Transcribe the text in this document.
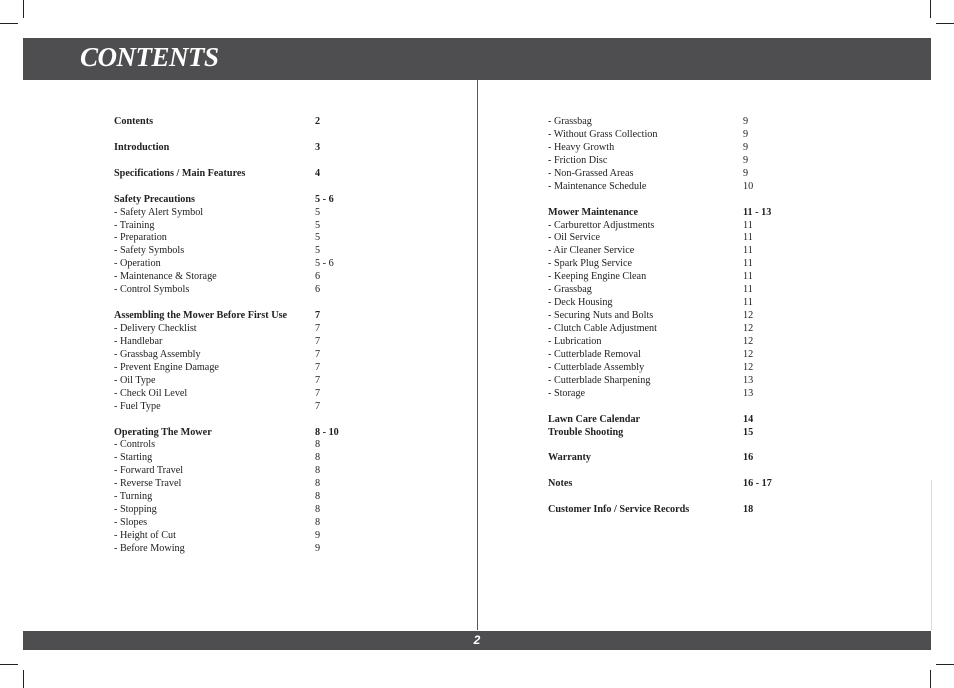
CONTENTS
Contents	2
Introduction	3
Specifications / Main Features	4
Safety Precautions	5 - 6
- Safety Alert Symbol	5
- Training	5
- Preparation	5
- Safety Symbols	5
- Operation	5 - 6
- Maintenance & Storage	6
- Control Symbols	6
Assembling the Mower Before First Use	7
- Delivery Checklist	7
- Handlebar	7
- Grassbag Assembly	7
- Prevent Engine Damage	7
- Oil Type	7
- Check Oil Level	7
- Fuel Type	7
Operating The Mower	8 - 10
- Controls	8
- Starting	8
- Forward Travel	8
- Reverse Travel	8
- Turning	8
- Stopping	8
- Slopes	8
- Height of Cut	9
- Before Mowing	9
- Grassbag	9
- Without Grass Collection	9
- Heavy Growth	9
- Friction Disc	9
- Non-Grassed Areas	9
- Maintenance Schedule	10
Mower Maintenance	11 - 13
- Carburettor Adjustments	11
- Oil Service	11
- Air Cleaner Service	11
- Spark Plug Service	11
- Keeping Engine Clean	11
- Grassbag	11
- Deck Housing	11
- Securing Nuts and Bolts	12
- Clutch Cable Adjustment	12
- Lubrication	12
- Cutterblade Removal	12
- Cutterblade Assembly	12
- Cutterblade Sharpening	13
- Storage	13
Lawn Care Calendar	14
Trouble Shooting	15
Warranty	16
Notes	16 - 17
Customer Info / Service Records	18
2
